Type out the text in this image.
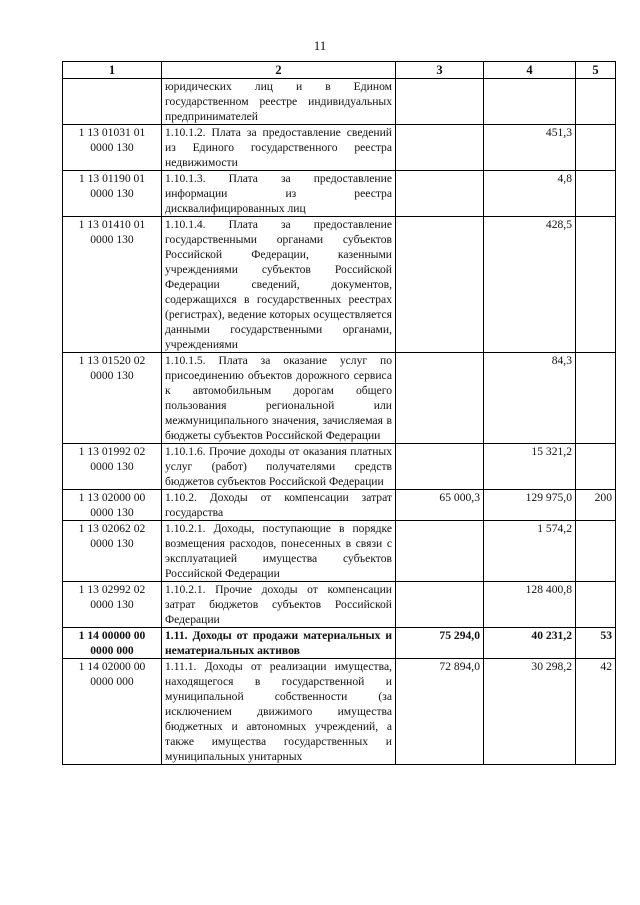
11
1	2	3	4	5
	юридических лиц и в Едином государственном реестре индивидуальных предпринимателей			
1 13 01031 01 0000 130	1.10.1.2. Плата за предоставление сведений из Единого государственного реестра недвижимости		451,3	
1 13 01190 01 0000 130	1.10.1.3. Плата за предоставление информации из реестра дисквалифицированных лиц		4,8	
1 13 01410 01 0000 130	1.10.1.4. Плата за предоставление государственными органами субъектов Российской Федерации, казенными учреждениями субъектов Российской Федерации сведений, документов, содержащихся в государственных реестрах (регистрах), ведение которых осуществляется данными государственными органами, учреждениями		428,5	
1 13 01520 02 0000 130	1.10.1.5. Плата за оказание услуг по присоединению объектов дорожного сервиса к автомобильным дорогам общего пользования региональной или межмуниципального значения, зачисляемая в бюджеты субъектов Российской Федерации		84,3	
1 13 01992 02 0000 130	1.10.1.6. Прочие доходы от оказания платных услуг (работ) получателями средств бюджетов субъектов Российской Федерации		15 321,2	
1 13 02000 00 0000 130	1.10.2. Доходы от компенсации затрат государства	65 000,3	129 975,0	200
1 13 02062 02 0000 130	1.10.2.1. Доходы, поступающие в порядке возмещения расходов, понесенных в связи с эксплуатацией имущества субъектов Российской Федерации		1 574,2	
1 13 02992 02 0000 130	1.10.2.1. Прочие доходы от компенсации затрат бюджетов субъектов Российской Федерации		128 400,8	
1 14 00000 00 0000 000	1.11. Доходы от продажи материальных и нематериальных активов	75 294,0	40 231,2	53
1 14 02000 00 0000 000	1.11.1. Доходы от реализации имущества, находящегося в государственной и муниципальной собственности (за исключением движимого имущества бюджетных и автономных учреждений, а также имущества государственных и муниципальных унитарных	72 894,0	30 298,2	42
